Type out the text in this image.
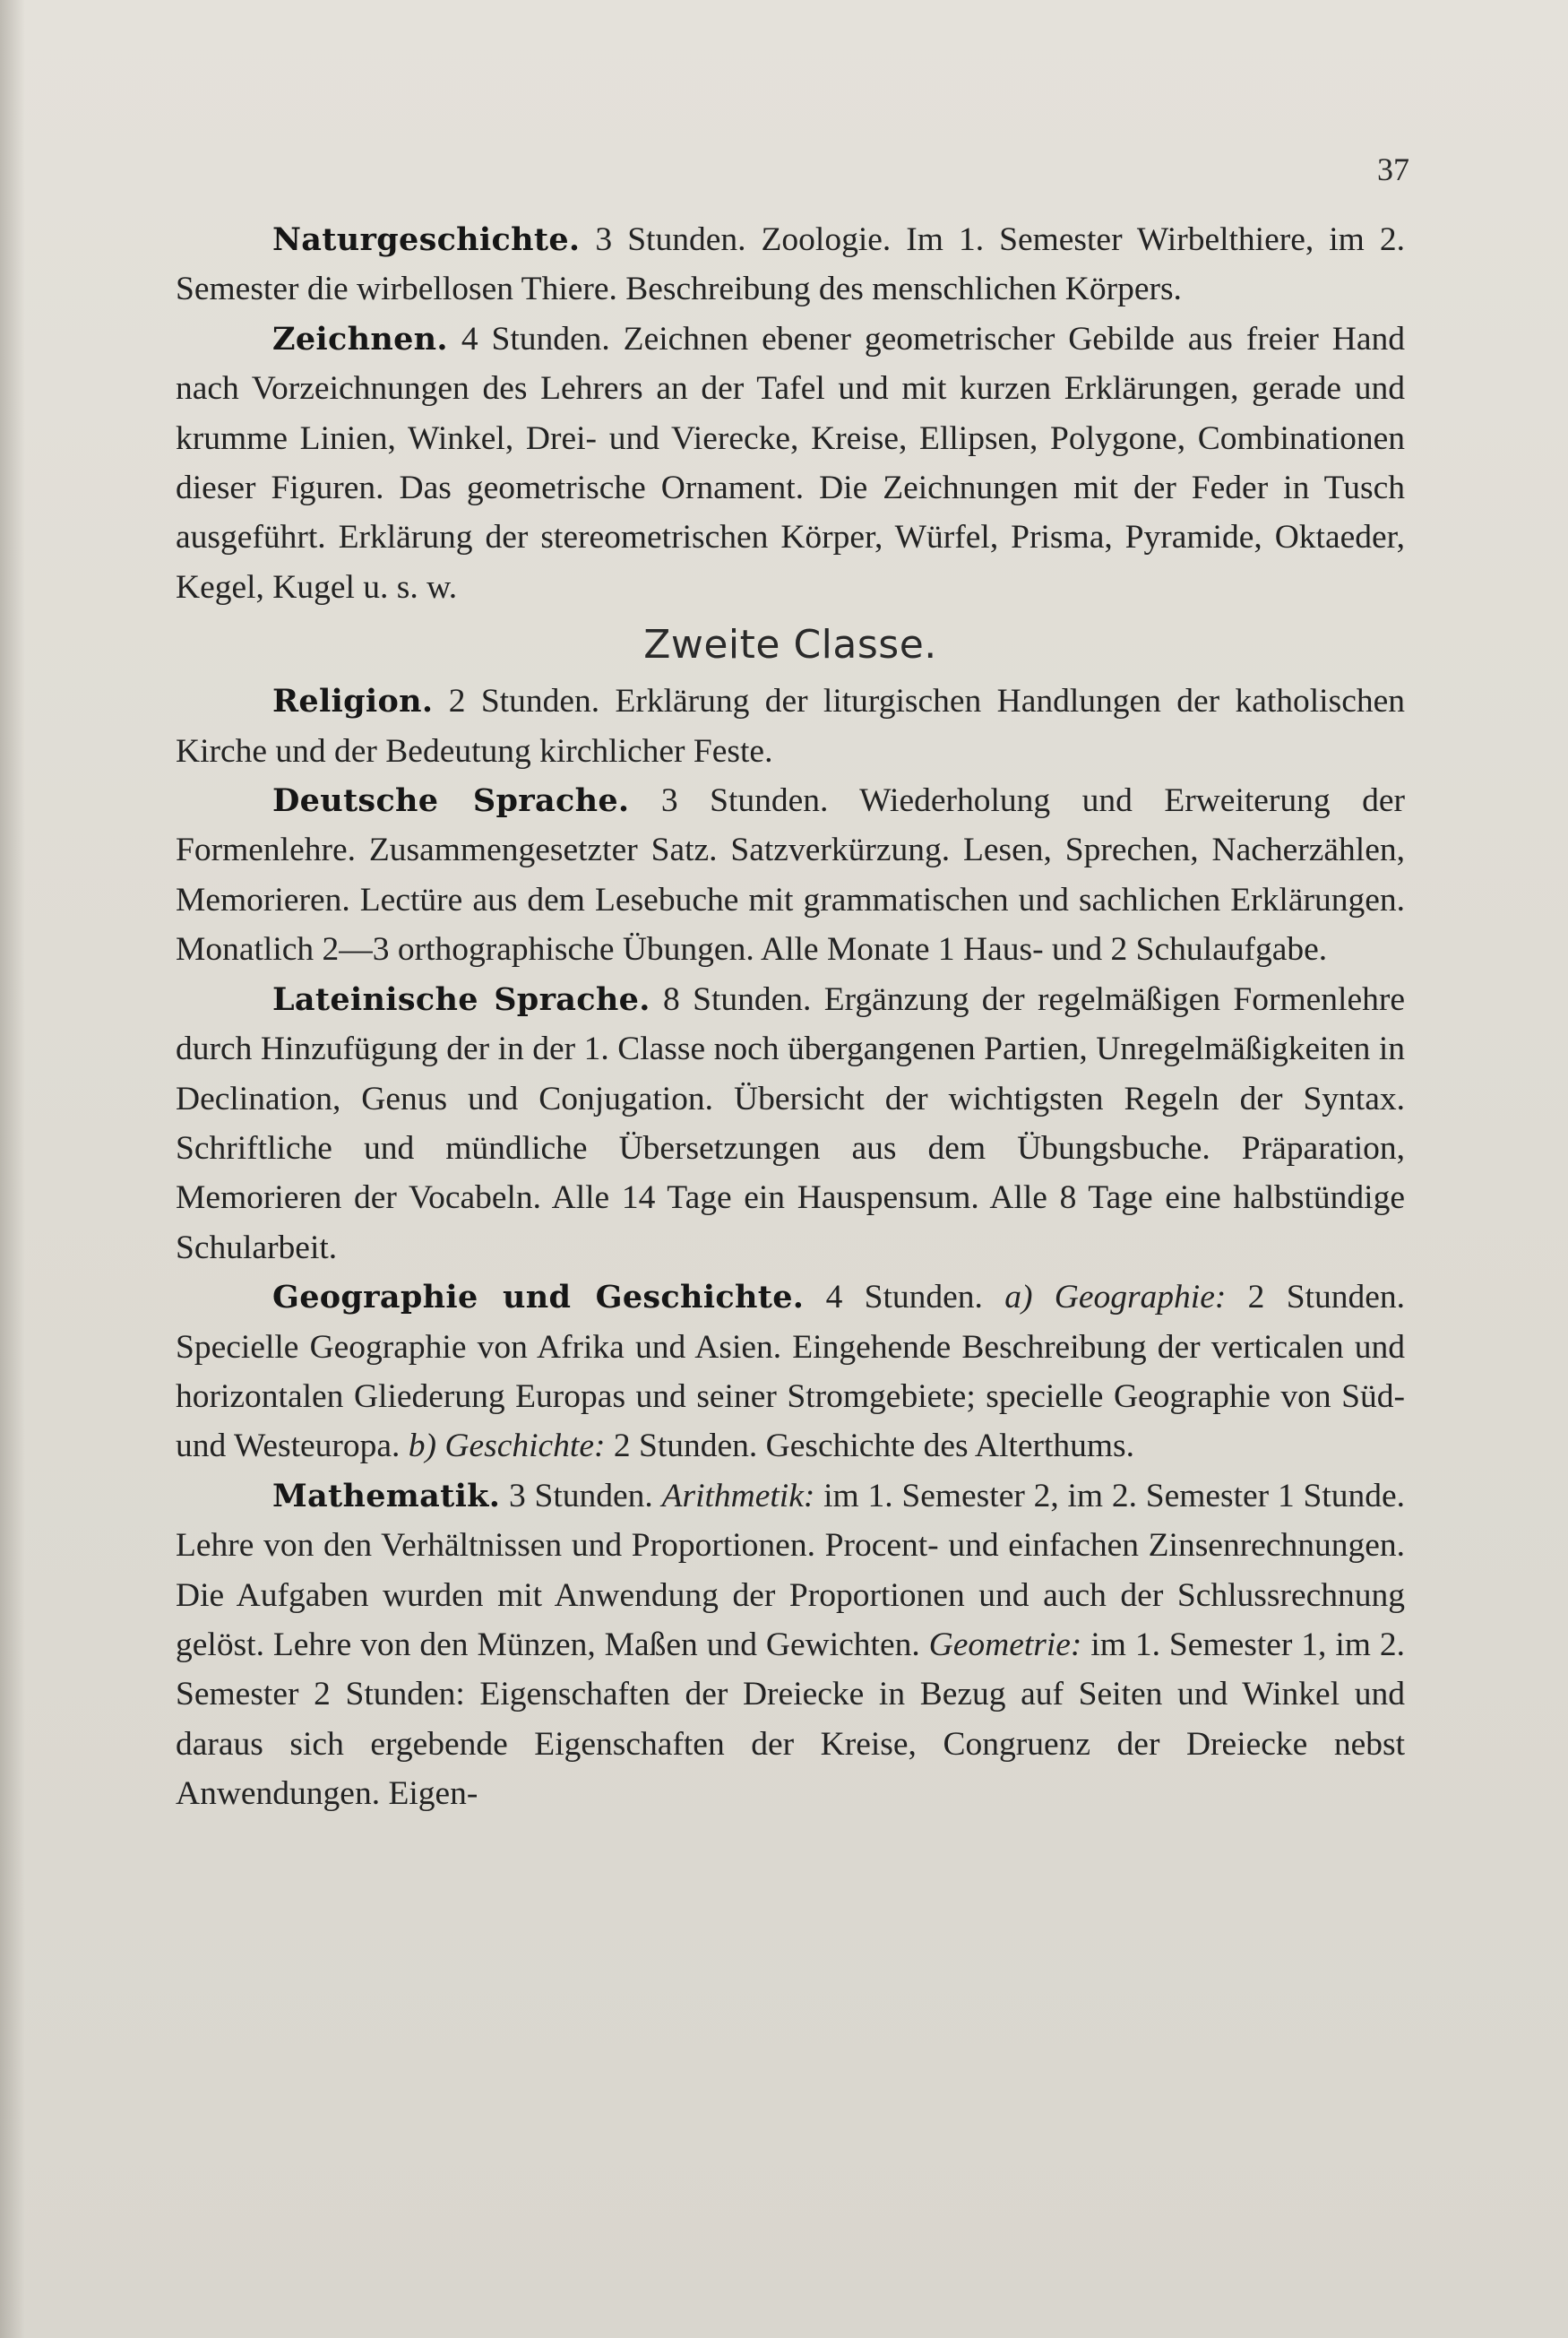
37

Naturgeschichte. 3 Stunden. Zoologie. Im 1. Semester Wirbelthiere, im 2. Semester die wirbellosen Thiere. Beschreibung des menschlichen Körpers.

Zeichnen. 4 Stunden. Zeichnen ebener geometrischer Gebilde aus freier Hand nach Vorzeichnungen des Lehrers an der Tafel und mit kurzen Erklärungen, gerade und krumme Linien, Winkel, Drei- und Vierecke, Kreise, Ellipsen, Polygone, Combinationen dieser Figuren. Das geometrische Ornament. Die Zeichnungen mit der Feder in Tusch ausgeführt. Erklärung der stereometrischen Körper, Würfel, Prisma, Pyramide, Oktaeder, Kegel, Kugel u. s. w.

Zweite Classe.

Religion. 2 Stunden. Erklärung der liturgischen Handlungen der katholischen Kirche und der Bedeutung kirchlicher Feste.

Deutsche Sprache. 3 Stunden. Wiederholung und Erweiterung der Formenlehre. Zusammengesetzter Satz. Satzverkürzung. Lesen, Sprechen, Nacherzählen, Memorieren. Lectüre aus dem Lesebuche mit grammatischen und sachlichen Erklärungen. Monatlich 2—3 orthographische Übungen. Alle Monate 1 Haus- und 2 Schulaufgabe.

Lateinische Sprache. 8 Stunden. Ergänzung der regelmäßigen Formenlehre durch Hinzufügung der in der 1. Classe noch übergangenen Partien, Unregelmäßigkeiten in Declination, Genus und Conjugation. Übersicht der wichtigsten Regeln der Syntax. Schriftliche und mündliche Übersetzungen aus dem Übungsbuche. Präparation, Memorieren der Vocabeln. Alle 14 Tage ein Hauspensum. Alle 8 Tage eine halbstündige Schularbeit.

Geographie und Geschichte. 4 Stunden. a) Geographie: 2 Stunden. Specielle Geographie von Afrika und Asien. Eingehende Beschreibung der verticalen und horizontalen Gliederung Europas und seiner Stromgebiete; specielle Geographie von Süd- und Westeuropa. b) Geschichte: 2 Stunden. Geschichte des Alterthums.

Mathematik. 3 Stunden. Arithmetik: im 1. Semester 2, im 2. Semester 1 Stunde. Lehre von den Verhältnissen und Proportionen. Procent- und einfachen Zinsenrechnungen. Die Aufgaben wurden mit Anwendung der Proportionen und auch der Schlussrechnung gelöst. Lehre von den Münzen, Maßen und Gewichten. Geometrie: im 1. Semester 1, im 2. Semester 2 Stunden: Eigenschaften der Dreiecke in Bezug auf Seiten und Winkel und daraus sich ergebende Eigenschaften der Kreise, Congruenz der Dreiecke nebst Anwendungen. Eigen-
